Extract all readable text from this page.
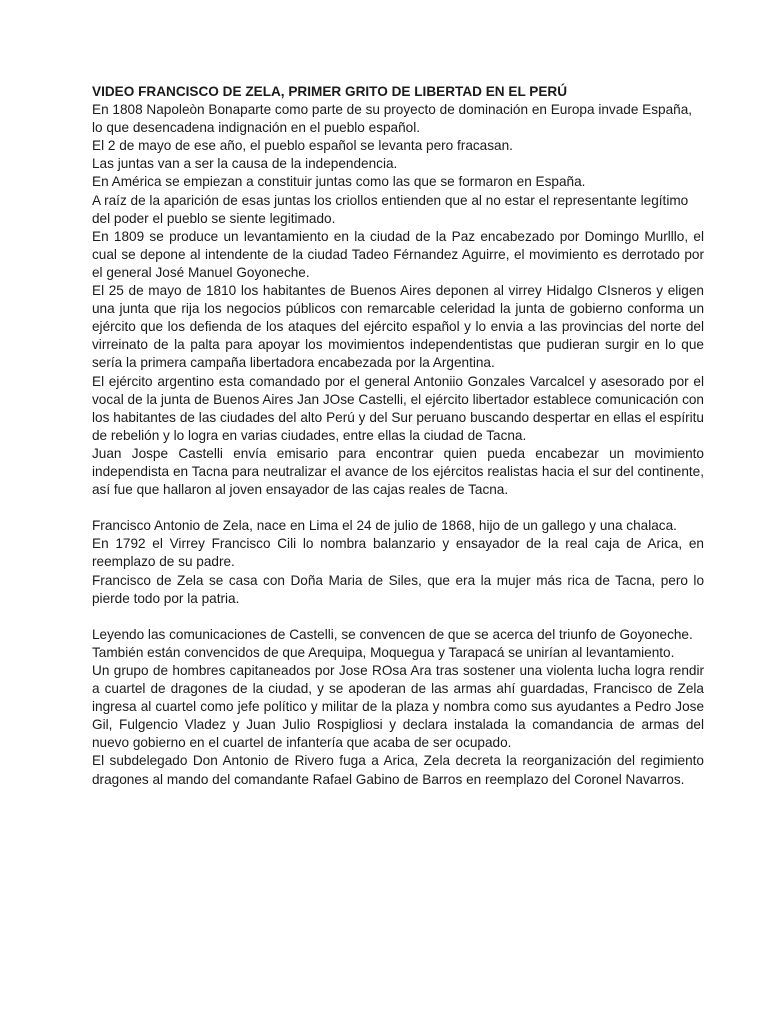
VIDEO FRANCISCO DE ZELA, PRIMER GRITO DE LIBERTAD EN EL PERÚ

En 1808 Napoleòn Bonaparte como parte de su proyecto de dominación en Europa invade España, lo que desencadena indignación en el pueblo español.

El 2 de mayo de ese año, el pueblo español se levanta pero fracasan.

Las juntas van a ser la causa de la independencia.

En América se empiezan a constituir juntas como las que se formaron en España.

A raíz de la aparición de esas juntas los criollos entienden que al no estar el representante legítimo del poder el pueblo se siente legitimado.

En 1809 se produce un levantamiento en la ciudad de la Paz encabezado por Domingo Murlllo, el cual se depone al intendente de la ciudad Tadeo Férnandez Aguirre, el movimiento es derrotado por el general José Manuel Goyoneche.

El 25 de mayo de 1810 los habitantes de Buenos Aires deponen al virrey Hidalgo CIsneros y eligen una junta que rija los negocios públicos con remarcable celeridad la junta de gobierno conforma un ejército que los defienda de los ataques del ejército español y lo envia a las provincias del norte del virreinato de la palta para apoyar los movimientos independentistas que pudieran surgir en lo que sería la primera campaña libertadora encabezada por la Argentina.

El ejército argentino esta comandado por el general Antoniio Gonzales Varcalcel y asesorado por el vocal de la junta de Buenos Aires Jan JOse Castelli, el ejército libertador establece comunicación con los habitantes de las ciudades del alto Perú y del Sur peruano buscando despertar en ellas el espíritu de rebelión y lo logra en varias ciudades, entre ellas la ciudad de Tacna.

Juan Jospe Castelli envía emisario para encontrar quien pueda encabezar un movimiento independista en Tacna para neutralizar el avance de los ejércitos realistas hacia el sur del continente, así fue que hallaron al joven ensayador de las cajas reales de Tacna.

Francisco Antonio de Zela, nace en Lima el 24 de julio de 1868, hijo de un gallego y una chalaca.

En 1792 el Virrey Francisco Cili lo nombra balanzario y ensayador de la real caja de Arica, en reemplazo de su padre.

Francisco de Zela se casa con Doña Maria de Siles, que era la mujer más rica de Tacna, pero lo pierde todo por la patria.

Leyendo las comunicaciones de Castelli, se convencen de que se acerca del triunfo de Goyoneche.

También están convencidos de que Arequipa, Moquegua y Tarapacá se unirían al levantamiento.

Un grupo de hombres capitaneados por Jose ROsa Ara tras sostener una violenta lucha logra rendir a cuartel de dragones de la ciudad, y se apoderan de las armas ahí guardadas, Francisco de Zela ingresa al cuartel como jefe político y militar de la plaza y nombra como sus ayudantes a Pedro Jose Gil, Fulgencio Vladez y Juan Julio Rospigliosi y declara instalada la comandancia de armas del nuevo gobierno en el cuartel de infantería que acaba de ser ocupado.

El subdelegado Don Antonio de Rivero fuga a Arica, Zela decreta la reorganización del regimiento dragones al mando del comandante Rafael Gabino de Barros en reemplazo del Coronel Navarros.
